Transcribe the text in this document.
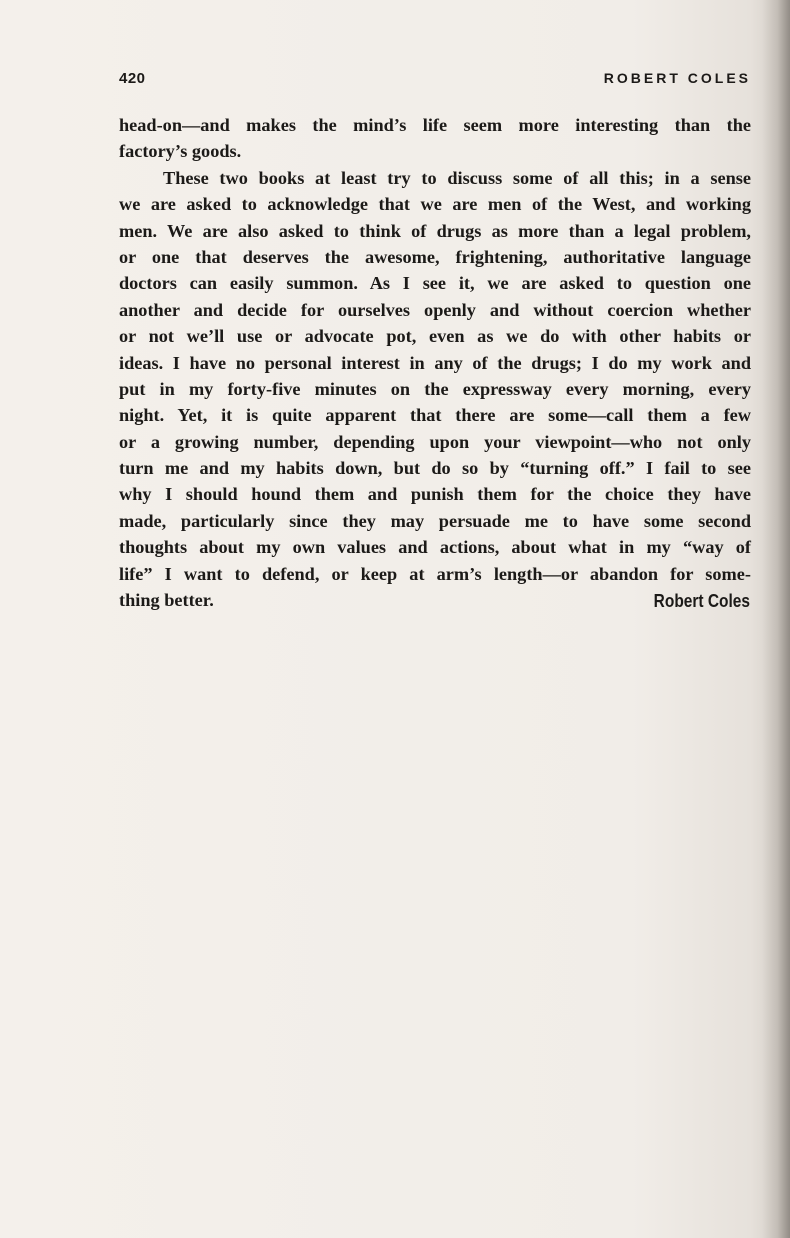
420	ROBERT COLES
head-on—and makes the mind’s life seem more interesting than the
factory’s goods.
These two books at least try to discuss some of all this; in a sense
we are asked to acknowledge that we are men of the West, and working
men. We are also asked to think of drugs as more than a legal problem,
or one that deserves the awesome, frightening, authoritative language
doctors can easily summon. As I see it, we are asked to question one
another and decide for ourselves openly and without coercion whether
or not we’ll use or advocate pot, even as we do with other habits or
ideas. I have no personal interest in any of the drugs; I do my work and
put in my forty-five minutes on the expressway every morning, every
night. Yet, it is quite apparent that there are some—call them a few
or a growing number, depending upon your viewpoint—who not only
turn me and my habits down, but do so by “turning off.” I fail to see
why I should hound them and punish them for the choice they have
made, particularly since they may persuade me to have some second
thoughts about my own values and actions, about what in my “way of
life” I want to defend, or keep at arm’s length—or abandon for some-
thing better.	Robert Coles
